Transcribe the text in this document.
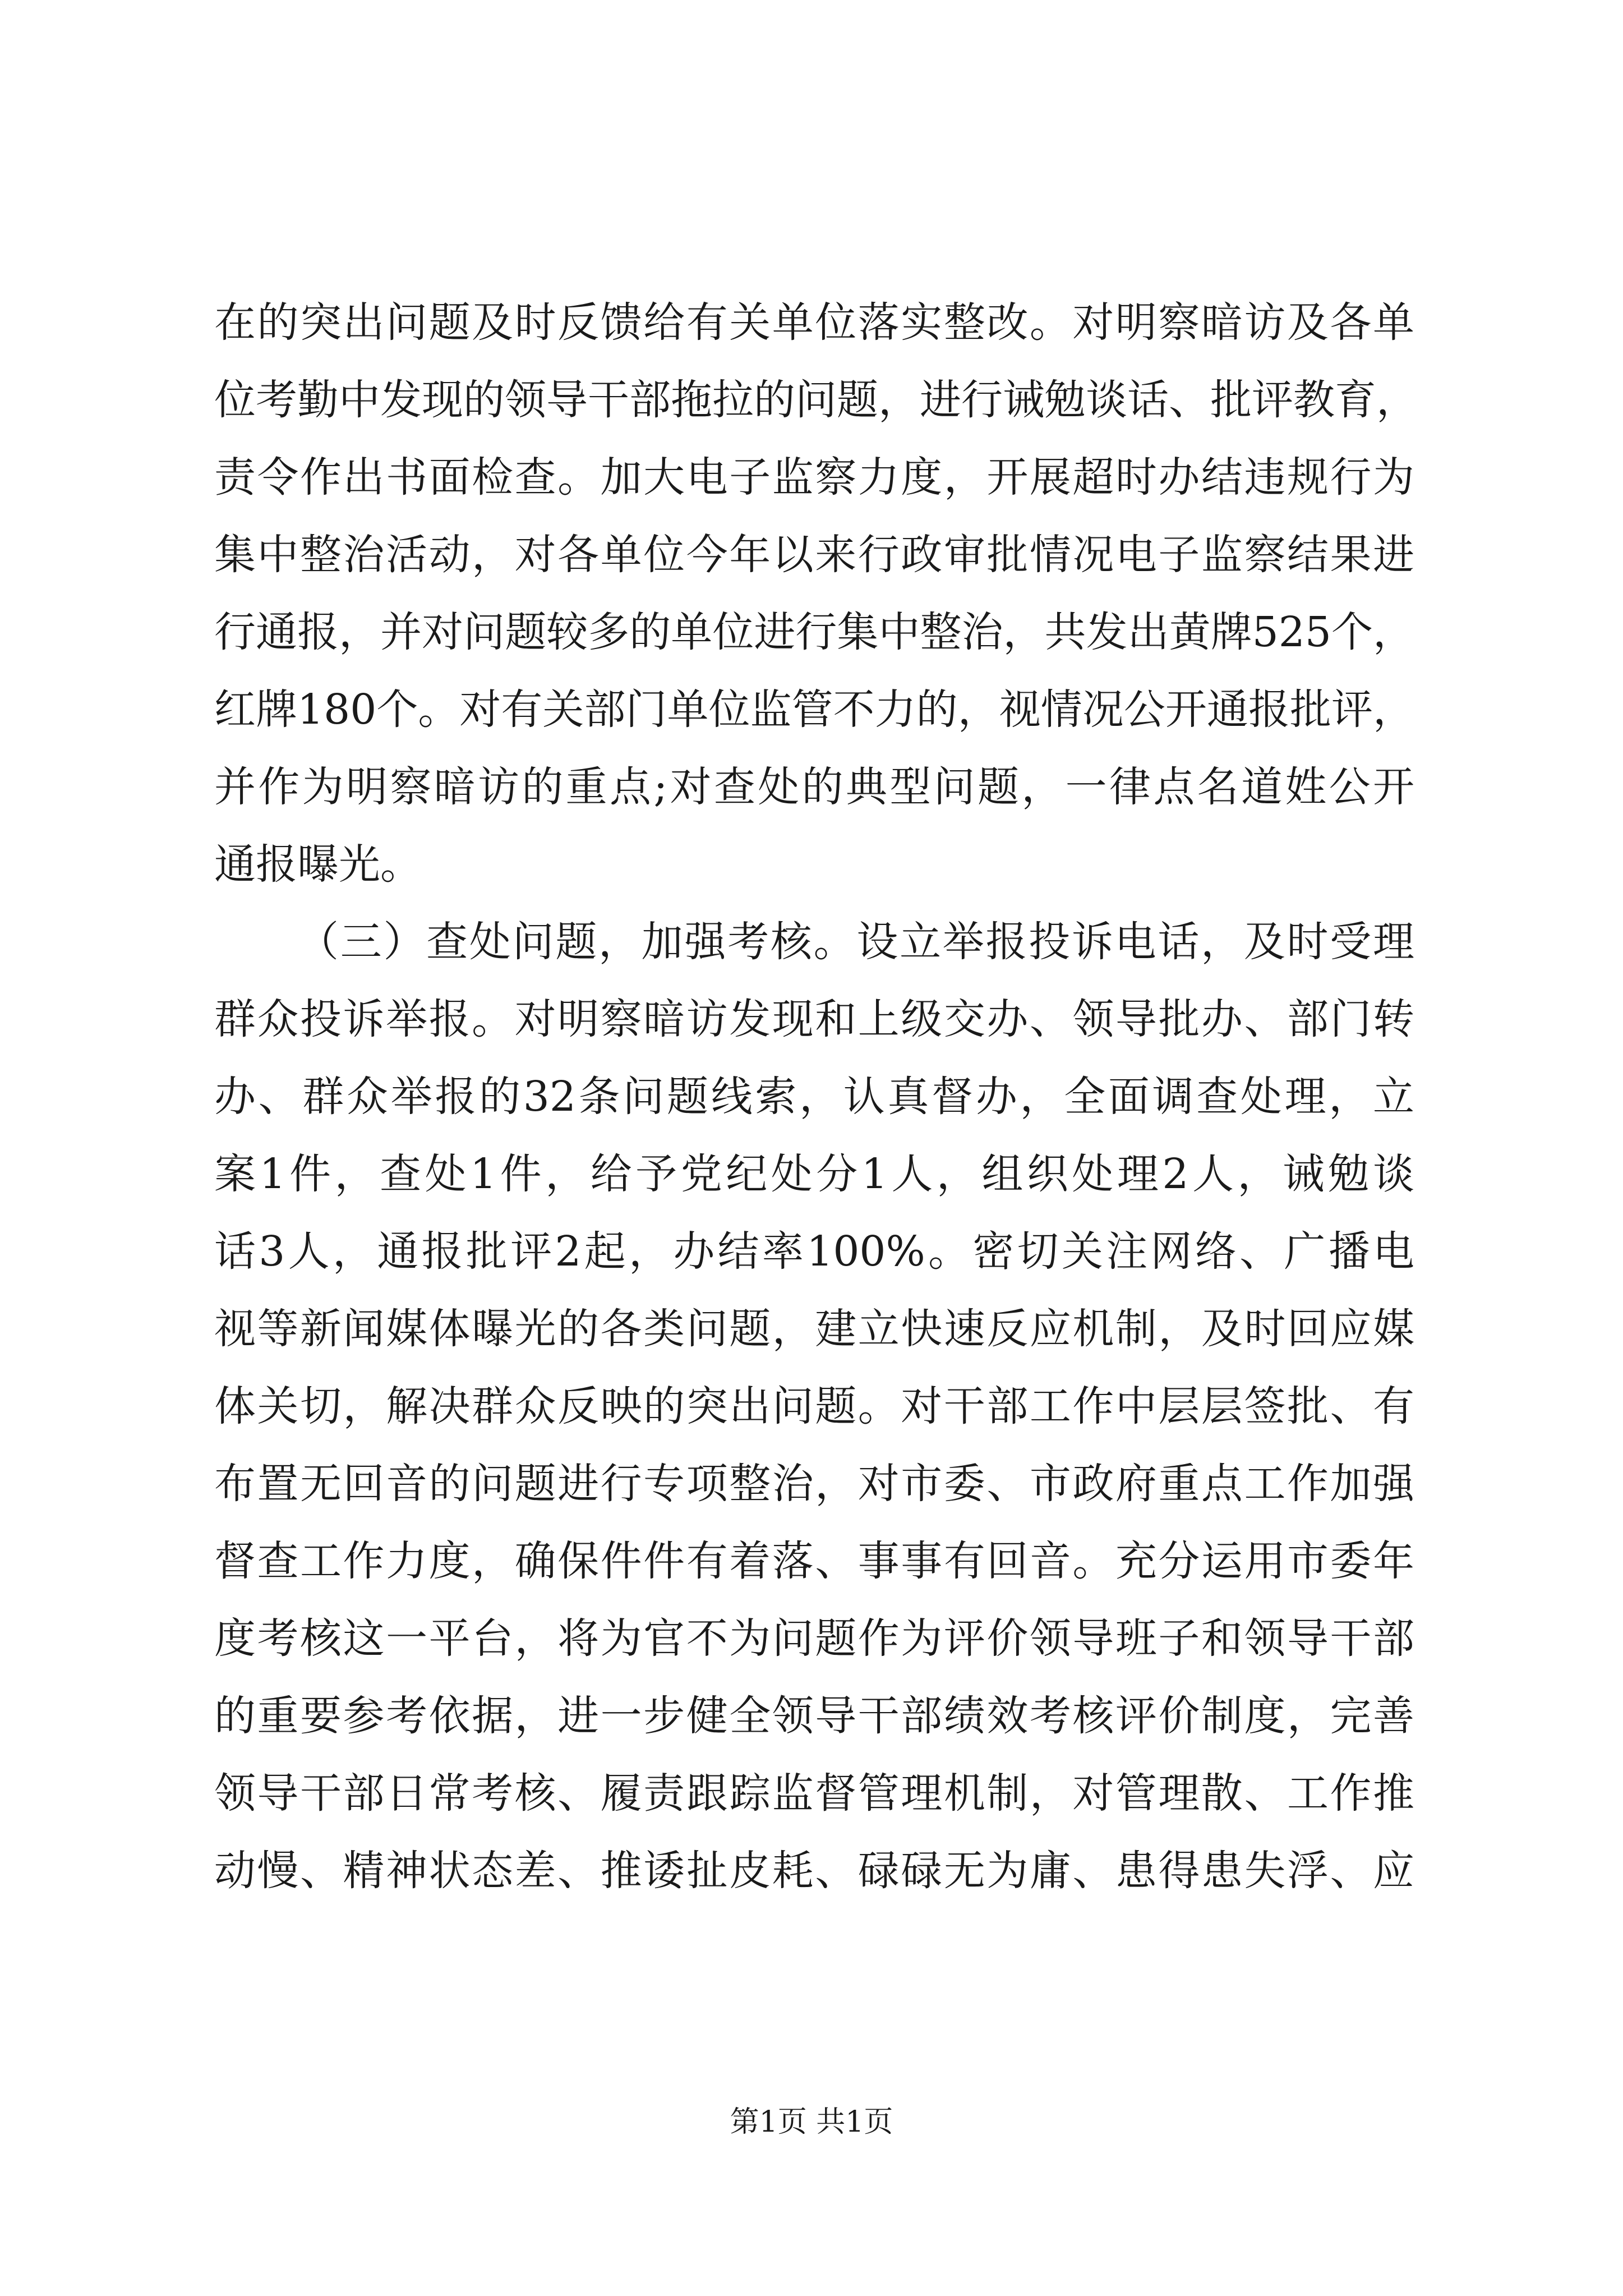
在的突出问题及时反馈给有关单位落实整改。对明察暗访及各单
位考勤中发现的领导干部拖拉的问题，进行诫勉谈话、批评教育，
责令作出书面检查。加大电子监察力度，开展超时办结违规行为
集中整治活动，对各单位今年以来行政审批情况电子监察结果进
行通报，并对问题较多的单位进行集中整治，共发出黄牌525个，
红牌180个。对有关部门单位监管不力的，视情况公开通报批评，
并作为明察暗访的重点;对查处的典型问题，一律点名道姓公开
通报曝光。
（三）查处问题，加强考核。设立举报投诉电话，及时受理
群众投诉举报。对明察暗访发现和上级交办、领导批办、部门转
办、群众举报的32条问题线索，认真督办，全面调查处理，立
案1件，查处1件，给予党纪处分1人，组织处理2人，诫勉谈
话3人，通报批评2起，办结率100%。密切关注网络、广播电
视等新闻媒体曝光的各类问题，建立快速反应机制，及时回应媒
体关切，解决群众反映的突出问题。对干部工作中层层签批、有
布置无回音的问题进行专项整治，对市委、市政府重点工作加强
督查工作力度，确保件件有着落、事事有回音。充分运用市委年
度考核这一平台，将为官不为问题作为评价领导班子和领导干部
的重要参考依据，进一步健全领导干部绩效考核评价制度，完善
领导干部日常考核、履责跟踪监督管理机制，对管理散、工作推
动慢、精神状态差、推诿扯皮耗、碌碌无为庸、患得患失浮、应
第1页 共1页
